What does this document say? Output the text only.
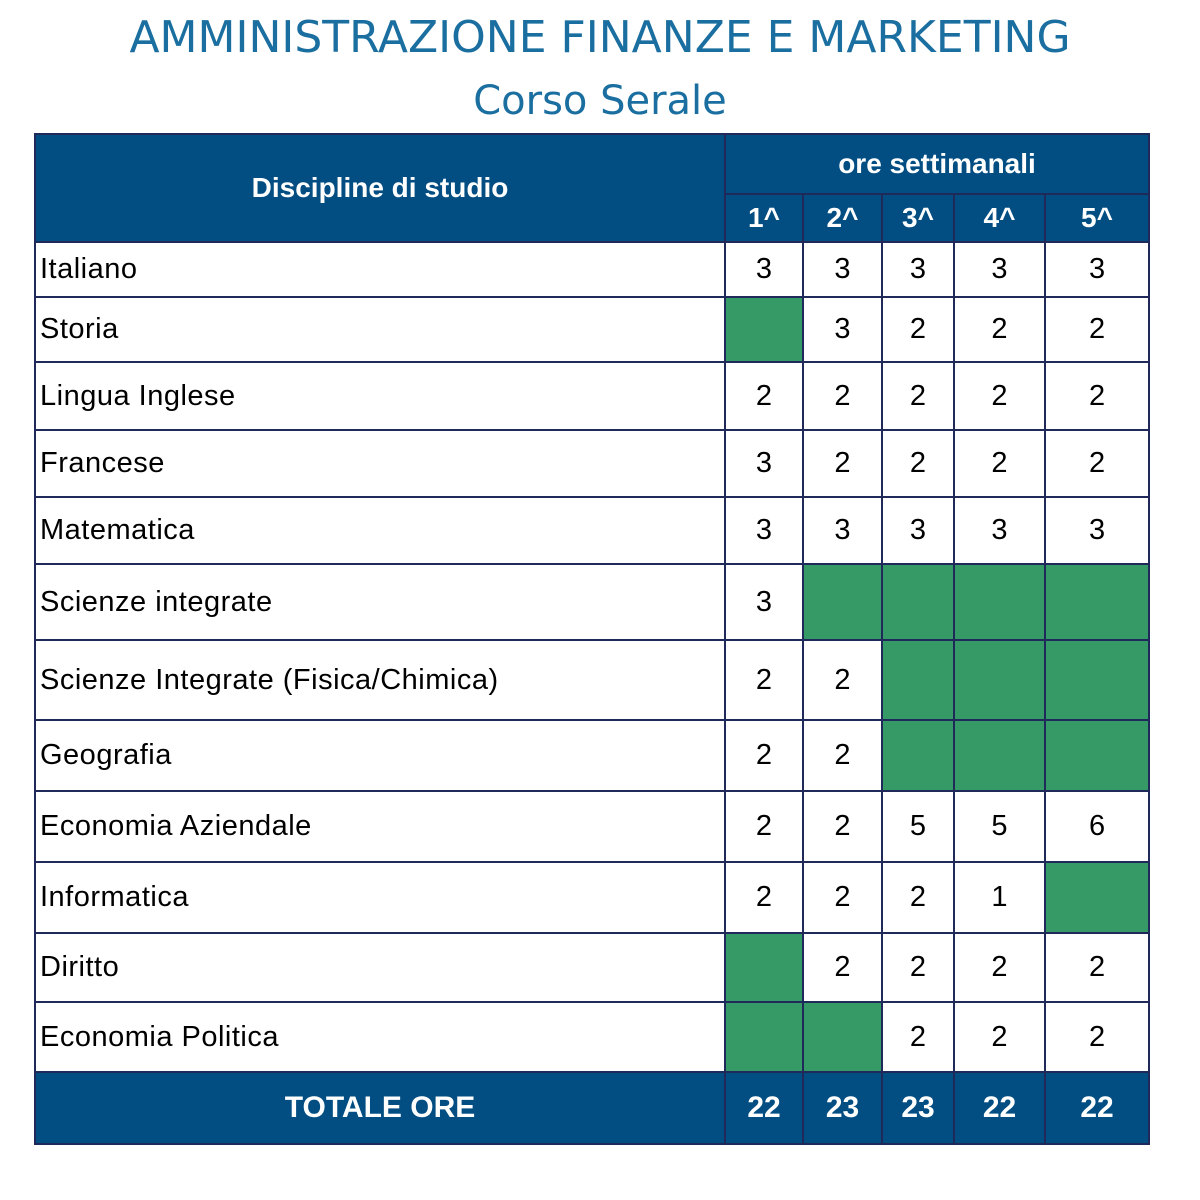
AMMINISTRAZIONE FINANZE E MARKETING
Corso Serale
Discipline di studio	ore settimanali				
	1^	2^	3^	4^	5^
Italiano	3	3	3	3	3
Storia		3	2	2	2
Lingua Inglese	2	2	2	2	2
Francese	3	2	2	2	2
Matematica	3	3	3	3	3
Scienze integrate	3				
Scienze Integrate (Fisica/Chimica)	2	2			
Geografia	2	2			
Economia Aziendale	2	2	5	5	6
Informatica	2	2	2	1	
Diritto		2	2	2	2
Economia Politica			2	2	2
TOTALE ORE	22	23	23	22	22
